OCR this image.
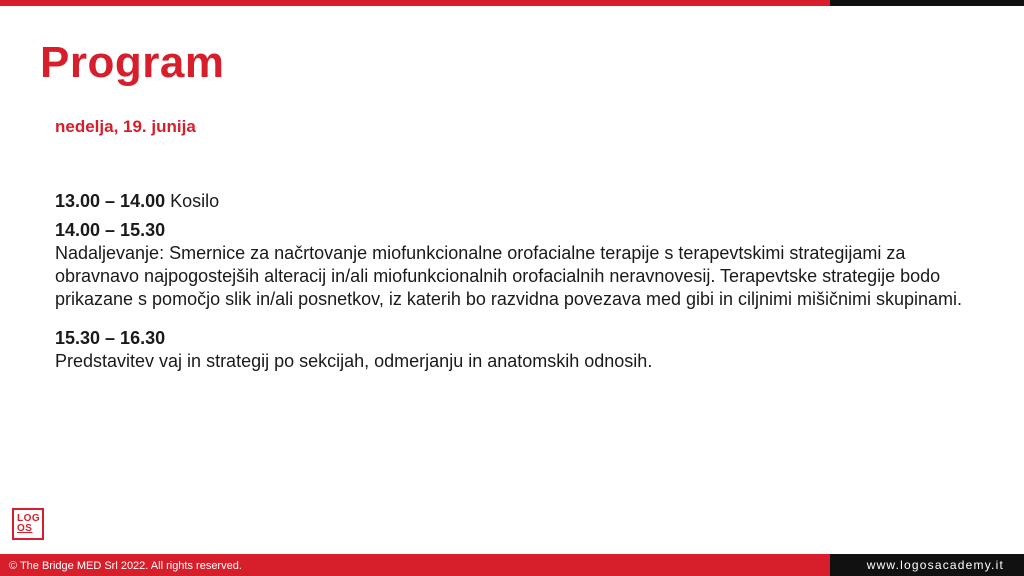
Program

nedelja, 19. junija

13.00 – 14.00 Kosilo

14.00 – 15.30
Nadaljevanje: Smernice za načrtovanje miofunkcionalne orofacialne terapije s terapevtskimi strategijami za obravnavo najpogostejših alteracij in/ali miofunkcionalnih orofacialnih neravnovesij. Terapevtske strategije bodo prikazane s pomočjo slik in/ali posnetkov, iz katerih bo razvidna povezava med gibi in ciljnimi mišičnimi skupinami.

15.30 – 16.30
Predstavitev vaj in strategij po sekcijah, odmerjanju in anatomskih odnosih.

LOG
OS
© The Bridge MED Srl 2022. All rights reserved.	www.logosacademy.it
